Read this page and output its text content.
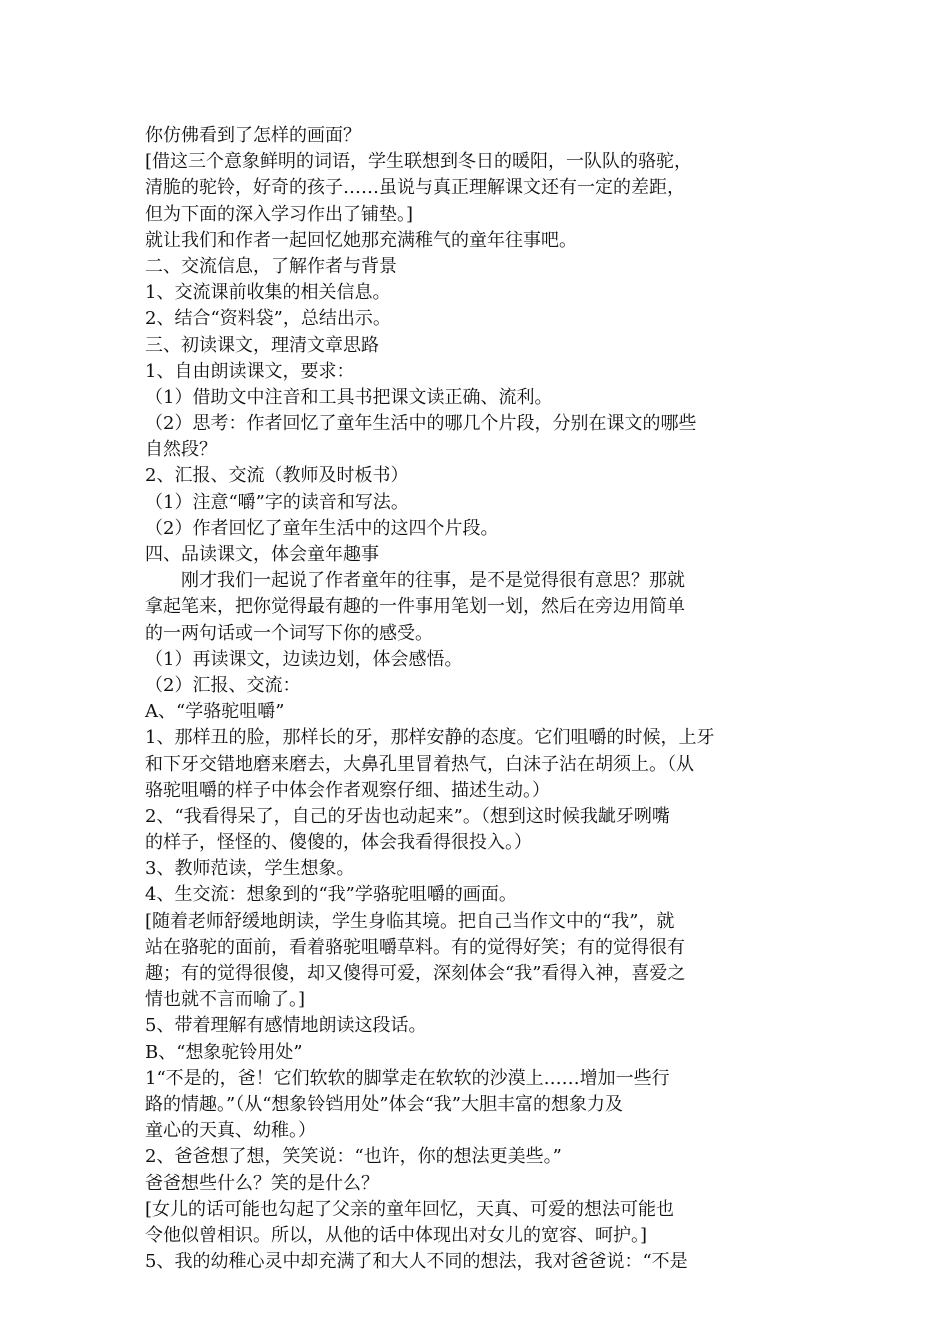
你仿佛看到了怎样的画面？
[借这三个意象鲜明的词语，学生联想到冬日的暖阳，一队队的骆驼，
清脆的驼铃，好奇的孩子……虽说与真正理解课文还有一定的差距，
但为下面的深入学习作出了铺垫。]
就让我们和作者一起回忆她那充满稚气的童年往事吧。
二、交流信息，了解作者与背景
1、交流课前收集的相关信息。
2、结合“资料袋”，总结出示。
三、初读课文，理清文章思路
1、自由朗读课文，要求：
（1）借助文中注音和工具书把课文读正确、流利。
（2）思考：作者回忆了童年生活中的哪几个片段，分别在课文的哪些
自然段？
2、汇报、交流（教师及时板书）
（1）注意“嚼”字的读音和写法。
（2）作者回忆了童年生活中的这四个片段。
四、品读课文，体会童年趣事
刚才我们一起说了作者童年的往事，是不是觉得很有意思？那就
拿起笔来，把你觉得最有趣的一件事用笔划一划，然后在旁边用简单
的一两句话或一个词写下你的感受。
（1）再读课文，边读边划，体会感悟。
（2）汇报、交流：
A、“学骆驼咀嚼”
1、那样丑的脸，那样长的牙，那样安静的态度。它们咀嚼的时候，上牙
和下牙交错地磨来磨去，大鼻孔里冒着热气，白沫子沾在胡须上。（从
骆驼咀嚼的样子中体会作者观察仔细、描述生动。）
2、“我看得呆了，自己的牙齿也动起来”。（想到这时候我龇牙咧嘴
的样子，怪怪的、傻傻的，体会我看得很投入。）
3、教师范读，学生想象。
4、生交流：想象到的“我”学骆驼咀嚼的画面。
[随着老师舒缓地朗读，学生身临其境。把自己当作文中的“我”，就
站在骆驼的面前，看着骆驼咀嚼草料。有的觉得好笑；有的觉得很有
趣；有的觉得很傻，却又傻得可爱，深刻体会“我”看得入神，喜爱之
情也就不言而喻了。]
5、带着理解有感情地朗读这段话。
B、“想象驼铃用处”
1“不是的，爸！它们软软的脚掌走在软软的沙漠上……增加一些行
路的情趣。”（从“想象铃铛用处”体会“我”大胆丰富的想象力及
童心的天真、幼稚。）
2、爸爸想了想，笑笑说：“也许，你的想法更美些。”
爸爸想些什么？笑的是什么？
[女儿的话可能也勾起了父亲的童年回忆，天真、可爱的想法可能也
令他似曾相识。所以，从他的话中体现出对女儿的宽容、呵护。]
5、我的幼稚心灵中却充满了和大人不同的想法，我对爸爸说：“不是
